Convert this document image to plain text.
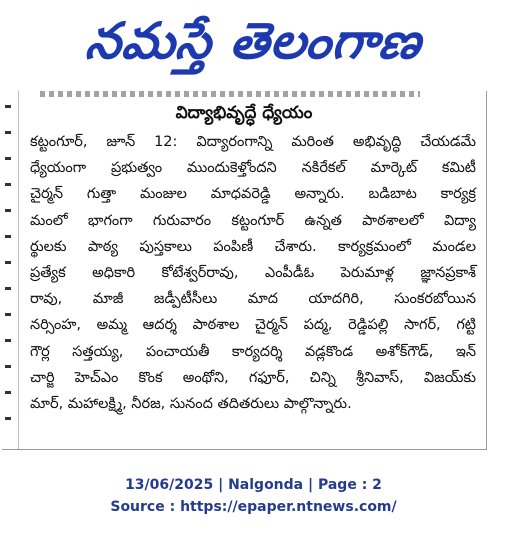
నమస్తే తెలంగాణ
విద్యాభివృద్ధే ధ్యేయం
కట్టంగూర్, జూన్ 12: విద్యారంగాన్ని మరింత అభివృద్ధి చేయడమే
ధ్యేయంగా ప్రభుత్వం ముందుకెళ్తోందని నకిరేకల్ మార్కెట్ కమిటీ
చైర్మన్ గుత్తా మంజుల మాధవరెడ్డి అన్నారు. బడిబాట కార్యక్ర
మంలో భాగంగా గురువారం కట్టంగూర్ ఉన్నత పాఠశాలలో విద్యా
ర్థులకు పాఠ్య పుస్తకాలు పంపిణీ చేశారు. కార్యక్రమంలో మండల
ప్రత్యేక అధికారి కోటేశ్వర్‌రావు, ఎంపీడీఓ పెరుమాళ్ల జ్ఞానప్రకాశ్
రావు, మాజీ జడ్పీటీసీలు మాద యాదగిరి, సుంకరబోయిన
నర్సింహ, అమ్మ ఆదర్శ పాఠశాల చైర్మన్ పద్మ, రెడ్డిపల్లి సాగర్, గట్టి
గౌర్ల సత్తయ్య, పంచాయతీ కార్యదర్శి వడ్లకొండ అశోక్‌గౌడ్, ఇన్
చార్జి హెచ్‌ఎం కొంక అంథోని, గఫూర్, చిన్ని శ్రీనివాస్, విజయ్‌కు
మార్, మహాలక్ష్మి, నీరజ, సునంద తదితరులు పాల్గొన్నారు.
13/06/2025 | Nalgonda | Page : 2
Source : https://epaper.ntnews.com/
